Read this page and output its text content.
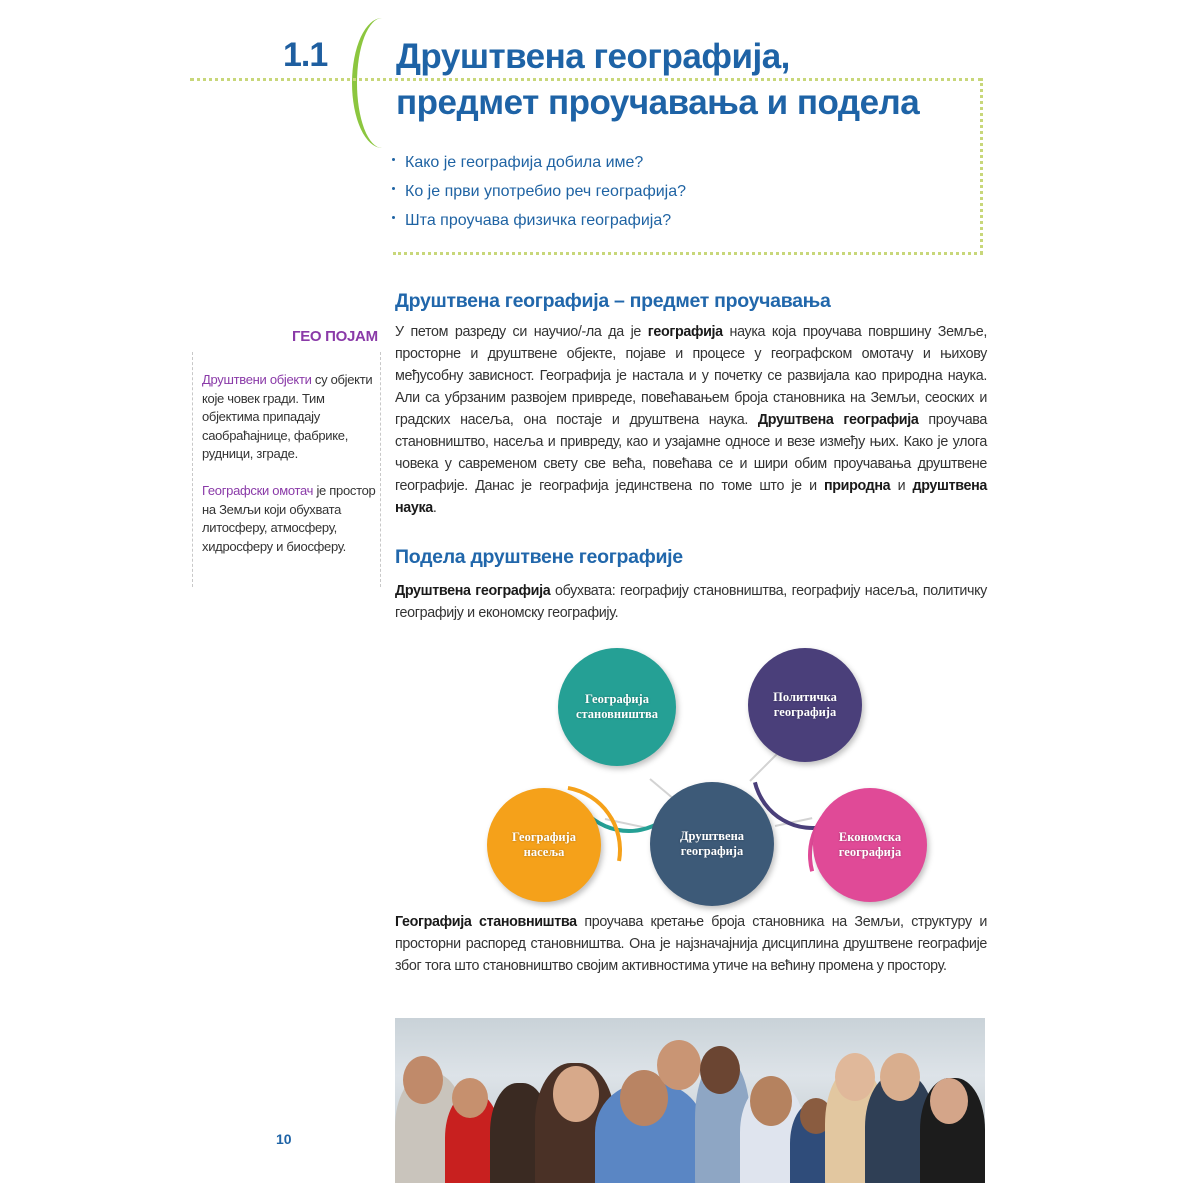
1.1 Друштвена географија,
предмет проучавања и подела
Како је географија добила име?
Ко је први употребио реч географија?
Шта проучава физичка географија?
ГЕО ПОЈАМ
Друштвени објекти су објекти које човек гради. Тим објектима припадају саобраћајнице, фабрике, рудници, зграде.
Географски омотач је простор на Земљи који обухвата литосферу, атмосферу, хидросферу и биосферу.
Друштвена географија – предмет проучавања
У петом разреду си научио/-ла да је географија наука која проучава површину Земље, просторне и друштвене објекте, појаве и процесе у географском омотачу и њихову међусобну зависност. Географија је настала и у почетку се развијала као природна наука. Али са убрзаним развојем привреде, повећавањем броја становника на Земљи, сеоских и градских насеља, она постаје и друштвена наука. Друштвена географија проучава становништво, насеља и привреду, као и узајамне односе и везе између њих. Како је улога човека у савременом свету све већа, повећава се и шири обим проучавања друштвене географије. Данас је географија јединствена по томе што је и природна и друштвена наука.
Подела друштвене географије
Друштвена географија обухвата: географију становништва, географију насеља, политичку географију и економску географију.
Географија
становништва
Политичка
географија
Друштвена
географија
Географија
насеља
Економска
географија
Географија становништва проучава кретање броја становника на Земљи, структуру и просторни распоред становништва. Она је најзначајнија дисциплина друштвене географије због тога што становништво својим активностима утиче на већину промена у простору.
10
